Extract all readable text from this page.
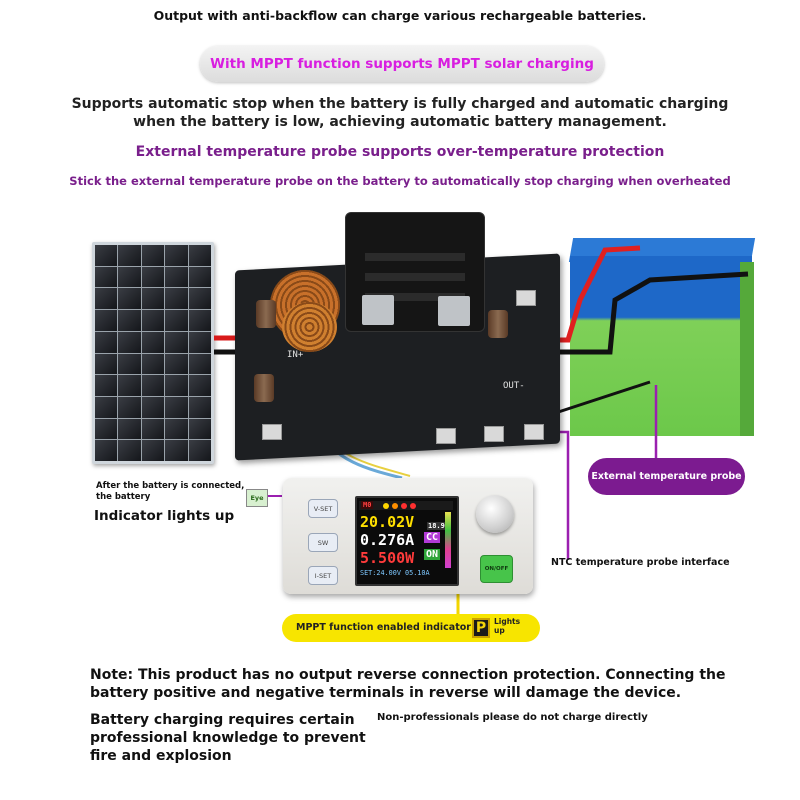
Output with anti-backflow can charge various rechargeable batteries.
With MPPT function supports MPPT solar charging
Supports automatic stop when the battery is fully charged and automatic charging when the battery is low, achieving automatic battery management.
External temperature probe supports over-temperature protection
Stick the external temperature probe on the battery to automatically stop charging when overheated
IN+
OUT-
V-SET
SW
I-SET
M0
20.02V
0.276A
5.500W
18.9
CC
ON
SET:24.00V 05.10A	ON/OFF
After the battery is connected, the battery	Eye
Indicator lights up
External temperature probe
NTC temperature probe interface
MPPT function enabled indicator P	Lights up
Note: This product has no output reverse connection protection. Connecting the battery positive and negative terminals in reverse will damage the device.
Battery charging requires certain professional knowledge to prevent fire and explosion
Non-professionals please do not charge directly
